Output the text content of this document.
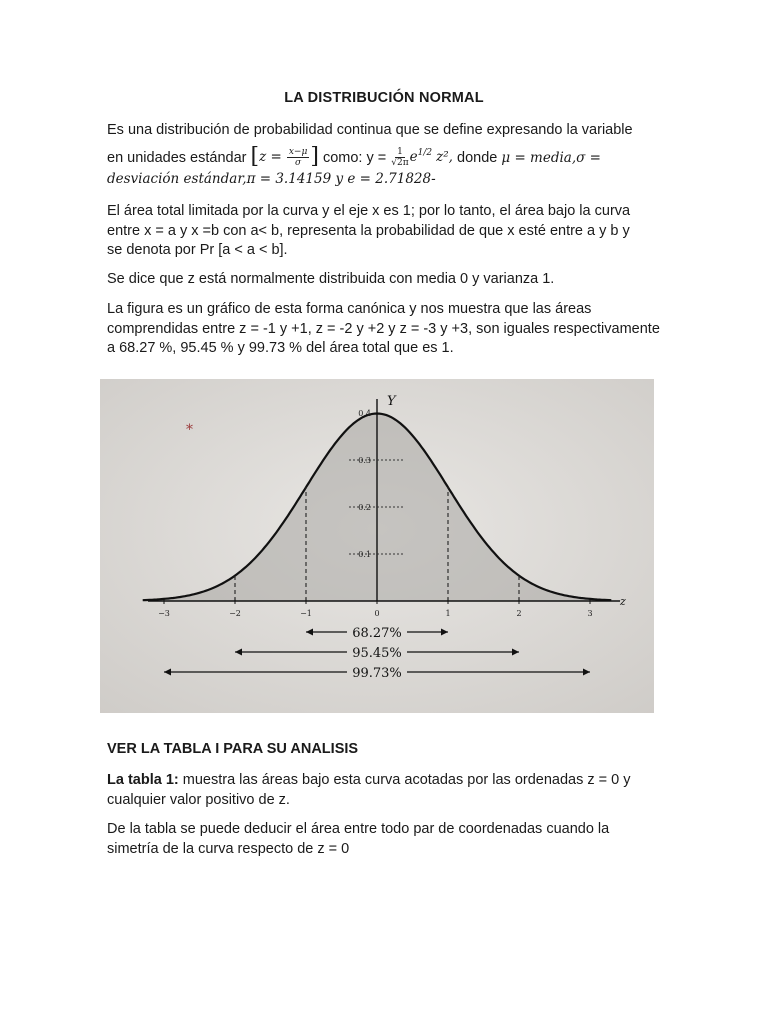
LA DISTRIBUCIÓN NORMAL
Es una distribución de probabilidad continua que se define expresando la variable
en unidades estándar [$z = \frac{x-\mu}{\sigma}$ ] como: $y = \frac{1}{√2\pi} e^{1/2}$ z², donde μ = media,σ =
desviación estándar,π = 3.14159 y e = 2.71828-
El área total limitada por la curva y el eje x es 1; por lo tanto, el área bajo la curva
entre x = a y x =b con a< b, representa la probabilidad de que x esté entre a y b y
se denota por Pr [a < a < b].
Se dice que z está normalmente distribuida con media 0 y varianza 1.
La figura es un gráfico de esta forma canónica y nos muestra que las áreas
comprendidas entre z = -1 y +1, z = -2 y +2 y z = -3 y +3, son iguales respectivamente
a 68.27 %, 95.45 % y 99.73 % del área total que es 1.
VER LA TABLA I PARA SU ANALISIS
La tabla 1: muestra las áreas bajo esta curva acotadas por las ordenadas z = 0 y
cualquier valor positivo de z.
De la tabla se puede deducir el área entre todo par de coordenadas cuando la
simetría de la curva respecto de z = 0
0.1
0.2
0.3
0.4
−3	−2	−1	0	1	2	3
Y
z
68.27%
95.45%
99.73%
*
